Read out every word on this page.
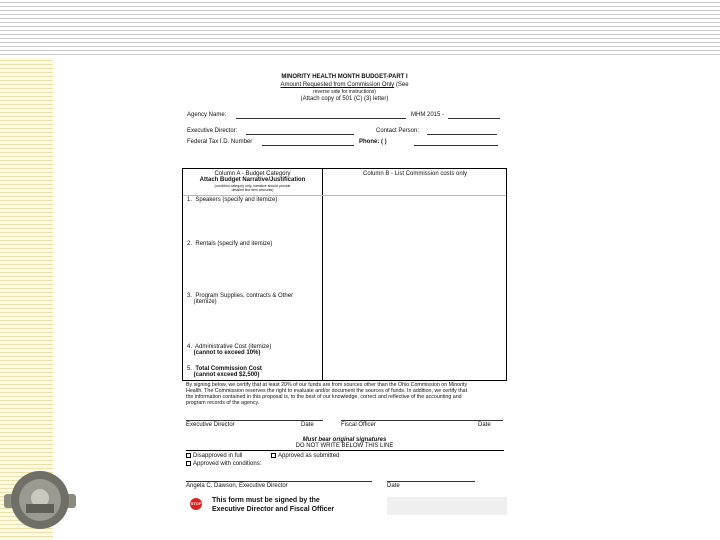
MINORITY HEALTH MONTH BUDGET-PART I
Amount Requested from Commission Only (See
reverse side for instructions)
(Attach copy of 501 (C) (3) letter)
Agency Name:	MHM 2015 -
Executive Director:	Contact Person:
Federal Tax I.D. Number	Phone: ( )
Column A - Budget Category
Attach Budget Narrative/Justification
(condition category only, narrative should provide
detailed line item amounts)
Column B - List Commission costs only
1. Speakers (specify and itemize)
2. Rentals (specify and itemize)
3. Program Supplies, contracts & Other
(itemize)
4. Administrative Cost (itemize)
(cannot to exceed 10%)
5. Total Commission Cost
(cannot exceed $2,500)
By signing below, we certify that at least 20% of our funds are from sources other than the Ohio Commission on Minority
Health. The Commission reserves the right to evaluate and/or document the sources of funds. In addition, we certify that
the information contained in this proposal is, to the best of our knowledge, correct and reflective of the accounting and
program records of the agency.
Executive Director	Date	Fiscal Officer	Date
Must bear original signatures
DO NOT WRITE BELOW THIS LINE
Disapproved in full	Approved as submitted
Approved with conditions:
Angela C. Dawson, Executive Director	Date
STOP This form must be signed by the
Executive Director and Fiscal Officer
